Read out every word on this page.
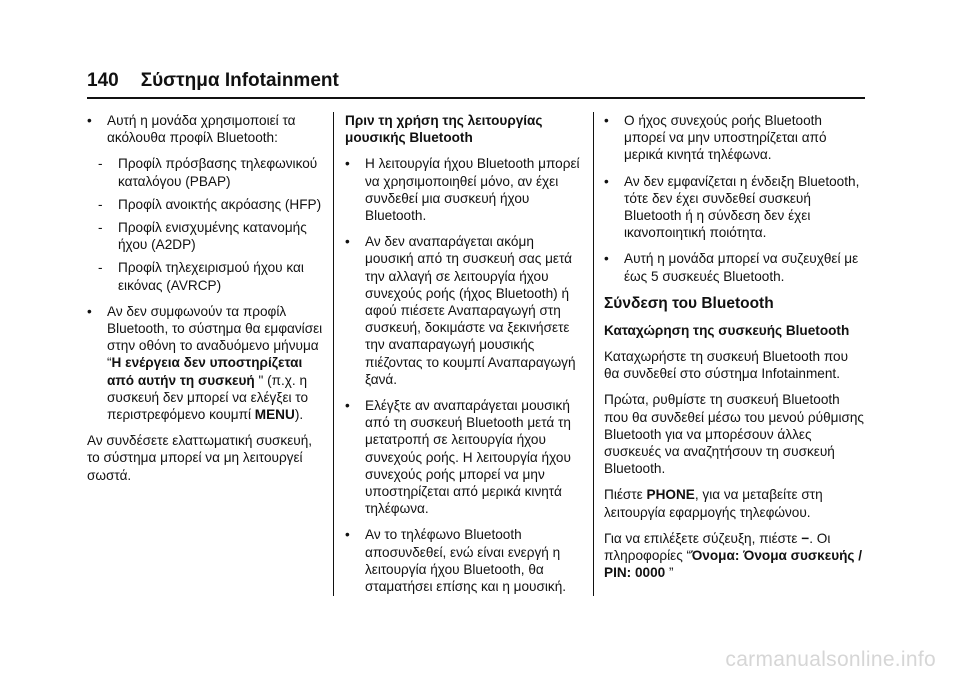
140 Σύστημα Infotainment
• Αυτή η μονάδα χρησιμοποιεί τα ακόλουθα προφίλ Bluetooth:
- Προφίλ πρόσβασης τηλεφωνικού καταλόγου (PBAP)
- Προφίλ ανοικτής ακρόασης (HFP)
- Προφίλ ενισχυμένης κατανομής ήχου (A2DP)
- Προφίλ τηλεχειρισμού ήχου και εικόνας (AVRCP)
• Αν δεν συμφωνούν τα προφίλ Bluetooth, το σύστημα θα εμφανίσει στην οθόνη το αναδυόμενο μήνυμα “Η ενέργεια δεν υποστηρίζεται από αυτήν τη συσκευή " (π.χ. η συσκευή δεν μπορεί να ελέγξει το περιστρεφόμενο κουμπί MENU).
Αν συνδέσετε ελαττωματική συσκευή, το σύστημα μπορεί να μη λειτουργεί σωστά.
Πριν τη χρήση της λειτουργίας μουσικής Bluetooth
• Η λειτουργία ήχου Bluetooth μπορεί να χρησιμοποιηθεί μόνο, αν έχει συνδεθεί μια συσκευή ήχου Bluetooth.
• Αν δεν αναπαράγεται ακόμη μουσική από τη συσκευή σας μετά την αλλαγή σε λειτουργία ήχου συνεχούς ροής (ήχος Bluetooth) ή αφού πιέσετε Αναπαραγωγή στη συσκευή, δοκιμάστε να ξεκινήσετε την αναπαραγωγή μουσικής πιέζοντας το κουμπί Αναπαραγωγή ξανά.
• Ελέγξτε αν αναπαράγεται μουσική από τη συσκευή Bluetooth μετά τη μετατροπή σε λειτουργία ήχου συνεχούς ροής. Η λειτουργία ήχου συνεχούς ροής μπορεί να μην υποστηρίζεται από μερικά κινητά τηλέφωνα.
• Αν το τηλέφωνο Bluetooth αποσυνδεθεί, ενώ είναι ενεργή η λειτουργία ήχου Bluetooth, θα σταματήσει επίσης και η μουσική.
• Ο ήχος συνεχούς ροής Bluetooth μπορεί να μην υποστηρίζεται από μερικά κινητά τηλέφωνα.
• Αν δεν εμφανίζεται η ένδειξη Bluetooth, τότε δεν έχει συνδεθεί συσκευή Bluetooth ή η σύνδεση δεν έχει ικανοποιητική ποιότητα.
• Αυτή η μονάδα μπορεί να συζευχθεί με έως 5 συσκευές Bluetooth.
Σύνδεση του Bluetooth
Καταχώρηση της συσκευής Bluetooth
Καταχωρήστε τη συσκευή Bluetooth που θα συνδεθεί στο σύστημα Infotainment.
Πρώτα, ρυθμίστε τη συσκευή Bluetooth που θα συνδεθεί μέσω του μενού ρύθμισης Bluetooth για να μπορέσουν άλλες συσκευές να αναζητήσουν τη συσκευή Bluetooth.
Πιέστε PHONE, για να μεταβείτε στη λειτουργία εφαρμογής τηλεφώνου.
Για να επιλέξετε σύζευξη, πιέστε −. Οι πληροφορίες “Όνομα: Όνομα συσκευής / PIN: 0000 ”
carmanualsonline.info
